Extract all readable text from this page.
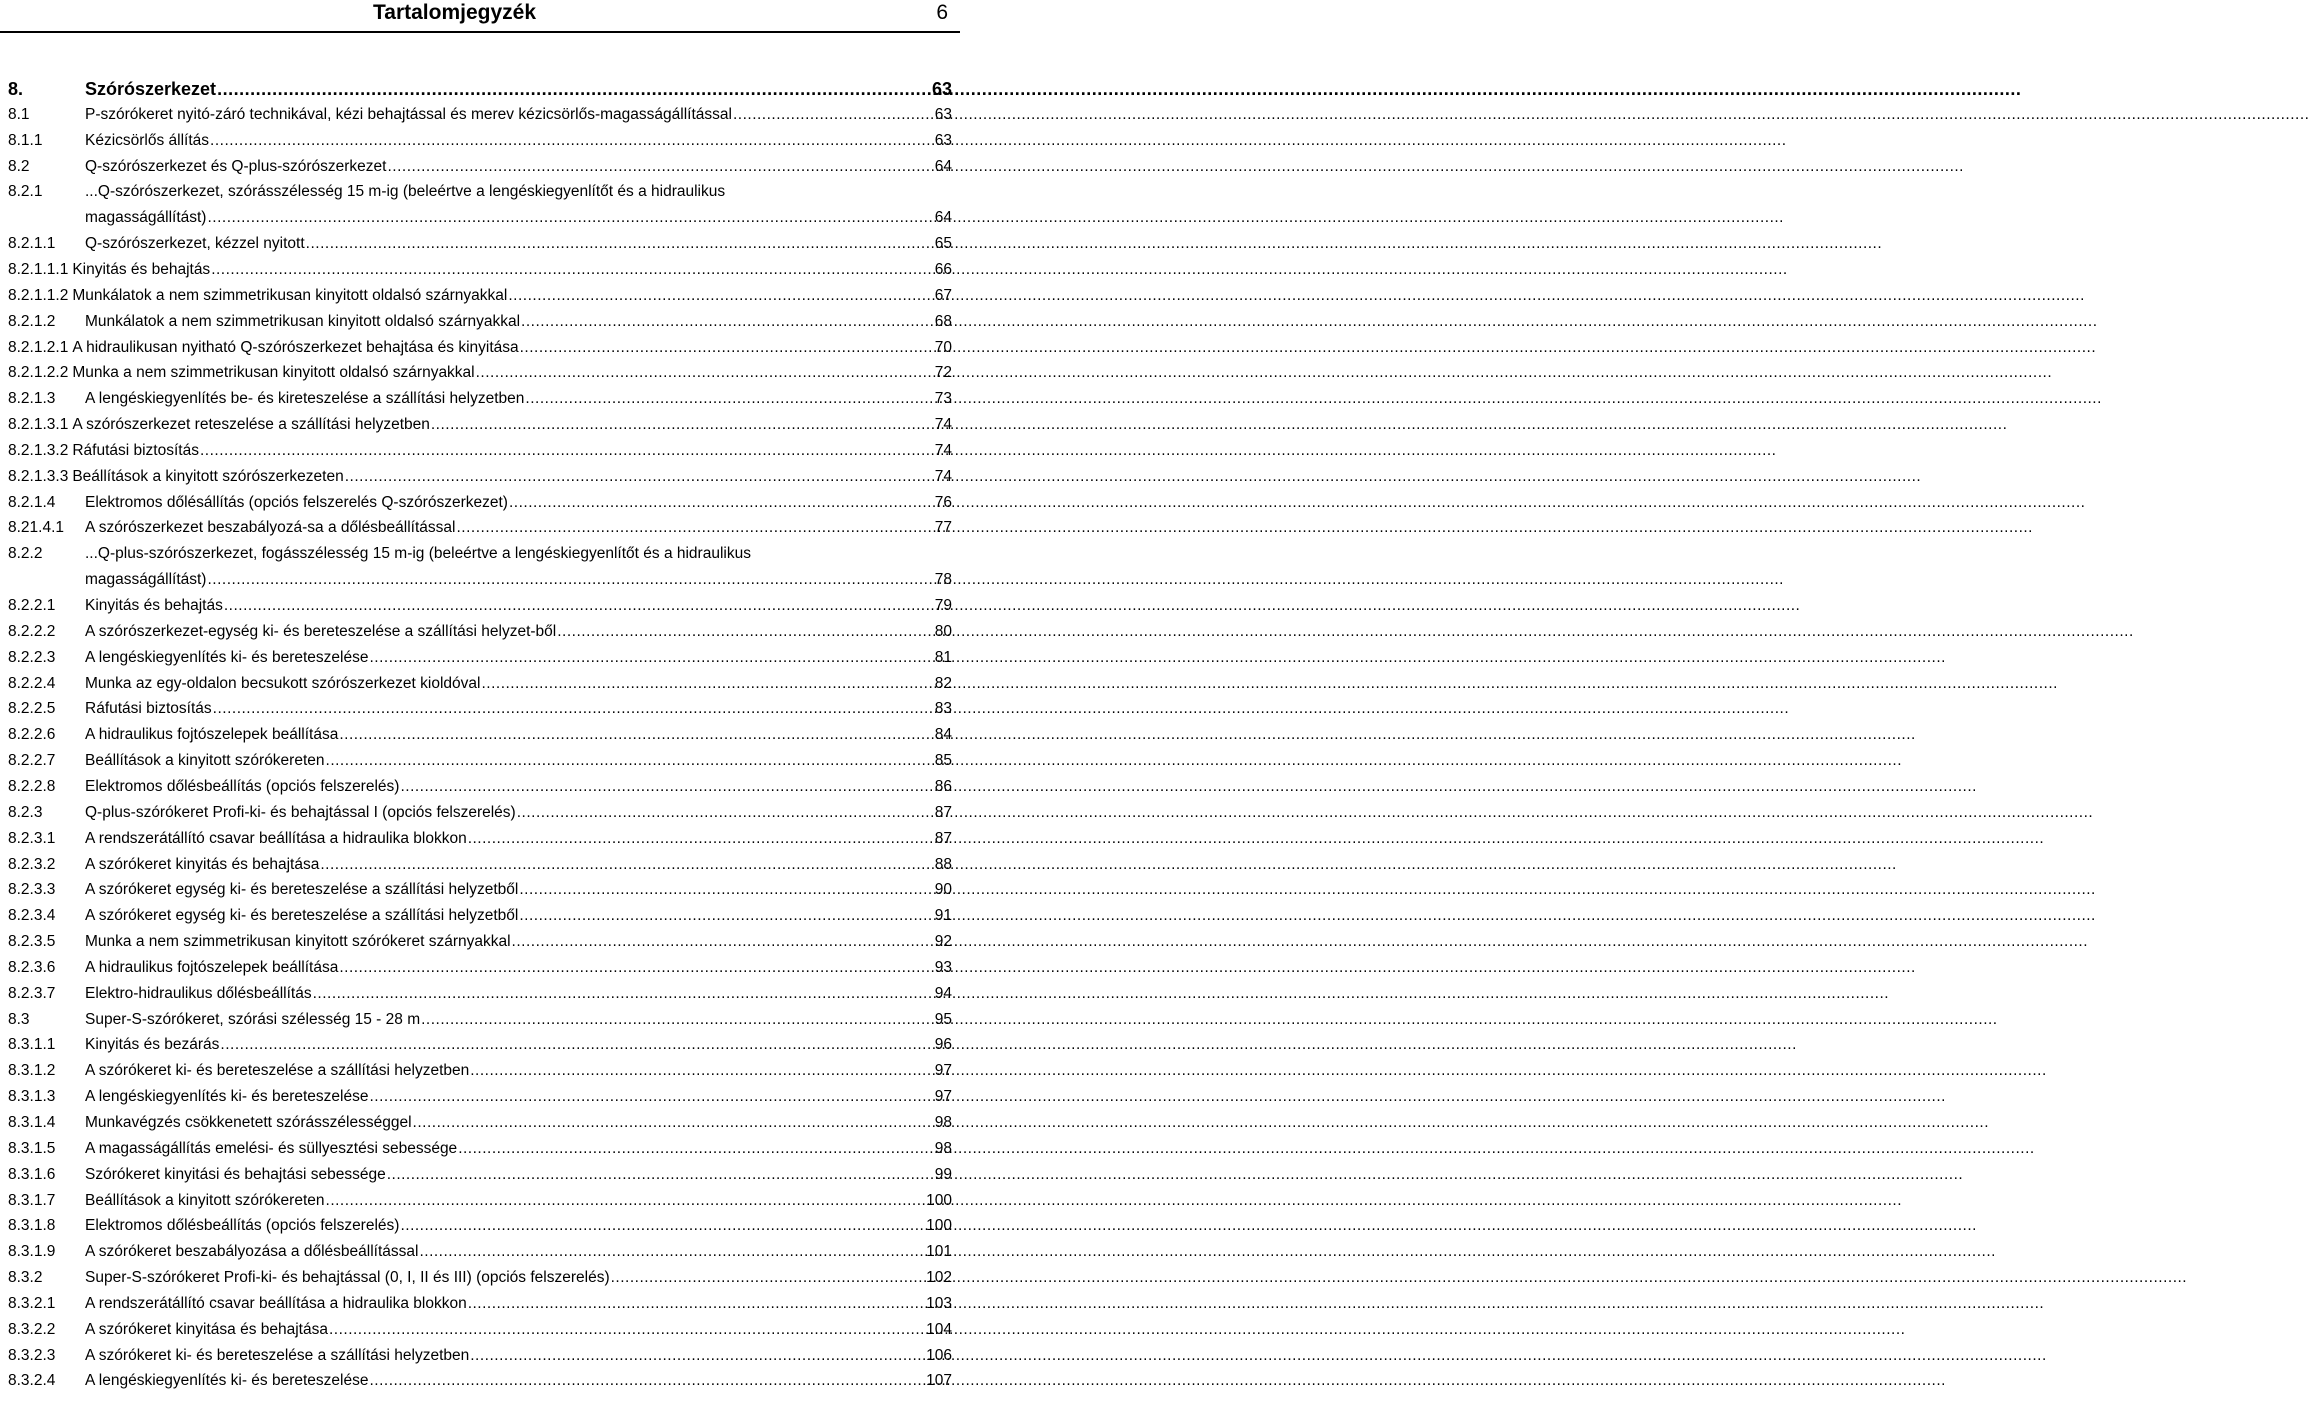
Tartalomjegyzék	6
8.	Szórószerkezet .....	63
8.1	P-szórókeret nyitó-záró technikával, kézi behajtással és merev kézicsörlős-magasságállítással .....	63
8.1.1	Kézicsörlős állítás .....	63
8.2	Q-szórószerkezet és Q-plus-szórószerkezet .....	64
8.2.1	... Q-szórószerkezet, szórásszélesség 15 m-ig (beleértve a lengéskiegyenlítőt és a hidraulikus
magasságállítást) .....	64
8.2.1.1	Q-szórószerkezet, kézzel nyitott .....	65
8.2.1.1.1 Kinyitás és behajtás .....	66
8.2.1.1.2 Munkálatok a nem szimmetrikusan kinyitott oldalsó szárnyakkal .....	67
8.2.1.2	Munkálatok a nem szimmetrikusan kinyitott oldalsó szárnyakkal .....	68
8.2.1.2.1 A hidraulikusan nyitható Q-szórószerkezet behajtása és kinyitása .....	70
8.2.1.2.2 Munka a nem szimmetrikusan kinyitott oldalsó szárnyakkal .....	72
8.2.1.3	A lengéskiegyenlítés be- és kireteszelése a szállítási helyzetben .....	73
8.2.1.3.1 A szórószerkezet reteszelése a szállítási helyzetben .....	74
8.2.1.3.2 Ráfutási biztosítás .....	74
8.2.1.3.3 Beállítások a kinyitott szórószerkezeten .....	74
8.2.1.4	Elektromos dőlésállítás (opciós felszerelés Q-szórószerkezet) .....	76
8.21.4.1	A szórószerkezet beszabályozá-sa a dőlésbeállítással .....	77
8.2.2	... Q-plus-szórószerkezet, fogásszélesség 15 m-ig (beleértve a lengéskiegyenlítőt és a hidraulikus
magasságállítást) .....	78
8.2.2.1	Kinyitás és behajtás .....	79
8.2.2.2	A szórószerkezet-egység ki- és bereteszelése a szállítási helyzet-ből .....	80
8.2.2.3	A lengéskiegyenlítés ki- és bereteszelése .....	81
8.2.2.4	Munka az egy-oldalon becsukott szórószerkezet kioldóval .....	82
8.2.2.5	Ráfutási biztosítás .....	83
8.2.2.6	A hidraulikus fojtószelepek beállítása .....	84
8.2.2.7	Beállítások a kinyitott szórókereten .....	85
8.2.2.8	Elektromos dőlésbeállítás (opciós felszerelés) .....	86
8.2.3	Q-plus-szórókeret Profi-ki- és behajtással I (opciós felszerelés) .....	87
8.2.3.1	A rendszerátállító csavar beállítása a hidraulika blokkon .....	87
8.2.3.2	A szórókeret kinyitás és behajtása .....	88
8.2.3.3	A szórókeret egység ki- és bereteszelése a szállítási helyzetből .....	90
8.2.3.4	A szórókeret egység ki- és bereteszelése a szállítási helyzetből .....	91
8.2.3.5	Munka a nem szimmetrikusan kinyitott szórókeret szárnyakkal .....	92
8.2.3.6	A hidraulikus fojtószelepek beállítása .....	93
8.2.3.7	Elektro-hidraulikus dőlésbeállítás .....	94
8.3	Super-S-szórókeret, szórási szélesség 15 - 28 m .....	95
8.3.1.1	Kinyitás és bezárás .....	96
8.3.1.2	A szórókeret ki- és bereteszelése a szállítási helyzetben .....	97
8.3.1.3	A lengéskiegyenlítés ki- és bereteszelése .....	97
8.3.1.4	Munkavégzés csökkenetett szórásszélességgel .....	98
8.3.1.5	A magasságállítás emelési- és süllyesztési sebessége .....	98
8.3.1.6	Szórókeret kinyitási és behajtási sebessége .....	99
8.3.1.7	Beállítások a kinyitott szórókereten .....	100
8.3.1.8	Elektromos dőlésbeállítás (opciós felszerelés) .....	100
8.3.1.9	A szórókeret beszabályozása a dőlésbeállítással .....	101
8.3.2	Super-S-szórókeret Profi-ki- és behajtással (0, I, II és III) (opciós felszerelés) .....	102
8.3.2.1	A rendszerátállító csavar beállítása a hidraulika blokkon .....	103
8.3.2.2	A szórókeret kinyitása és behajtása .....	104
8.3.2.3	A szórókeret ki- és bereteszelése a szállítási helyzetben .....	106
8.3.2.4	A lengéskiegyenlítés ki- és bereteszelése .....	107
